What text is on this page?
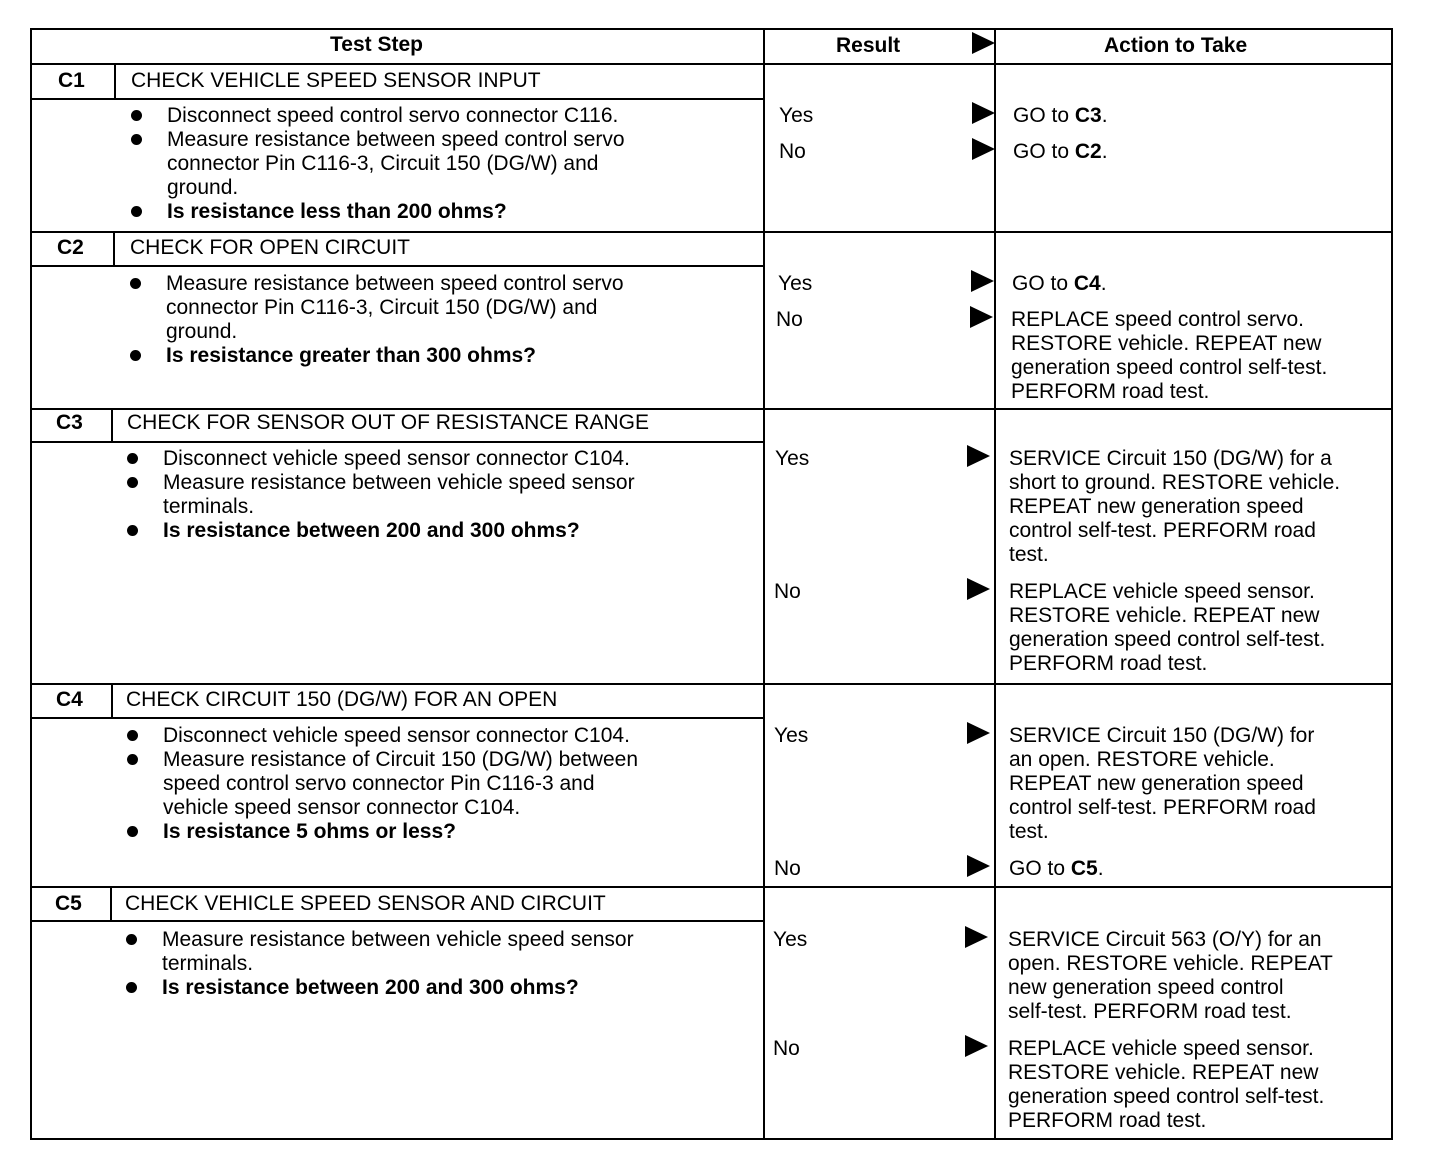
Test Step	Result	Action to Take
C1 CHECK VEHICLE SPEED SENSOR INPUT
Disconnect speed control servo connector C116.
Measure resistance between speed control servo
connector Pin C116-3, Circuit 150 (DG/W) and
ground.
Is resistance less than 200 ohms?
Yes	GO to C3.
No	GO to C2.
C2 CHECK FOR OPEN CIRCUIT
Measure resistance between speed control servo
connector Pin C116-3, Circuit 150 (DG/W) and
ground.
Is resistance greater than 300 ohms?
Yes	GO to C4.
No	REPLACE speed control servo.
RESTORE vehicle. REPEAT new
generation speed control self-test.
PERFORM road test.
C3 CHECK FOR SENSOR OUT OF RESISTANCE RANGE
Disconnect vehicle speed sensor connector C104.
Measure resistance between vehicle speed sensor
terminals.
Is resistance between 200 and 300 ohms?
Yes	SERVICE Circuit 150 (DG/W) for a
short to ground. RESTORE vehicle.
REPEAT new generation speed
control self-test. PERFORM road
test.
No	REPLACE vehicle speed sensor.
RESTORE vehicle. REPEAT new
generation speed control self-test.
PERFORM road test.
C4 CHECK CIRCUIT 150 (DG/W) FOR AN OPEN
Disconnect vehicle speed sensor connector C104.
Measure resistance of Circuit 150 (DG/W) between
speed control servo connector Pin C116-3 and
vehicle speed sensor connector C104.
Is resistance 5 ohms or less?
Yes	SERVICE Circuit 150 (DG/W) for
an open. RESTORE vehicle.
REPEAT new generation speed
control self-test. PERFORM road
test.
No	GO to C5.
C5 CHECK VEHICLE SPEED SENSOR AND CIRCUIT
Measure resistance between vehicle speed sensor
terminals.
Is resistance between 200 and 300 ohms?
Yes	SERVICE Circuit 563 (O/Y) for an
open. RESTORE vehicle. REPEAT
new generation speed control
self-test. PERFORM road test.
No	REPLACE vehicle speed sensor.
RESTORE vehicle. REPEAT new
generation speed control self-test.
PERFORM road test.
